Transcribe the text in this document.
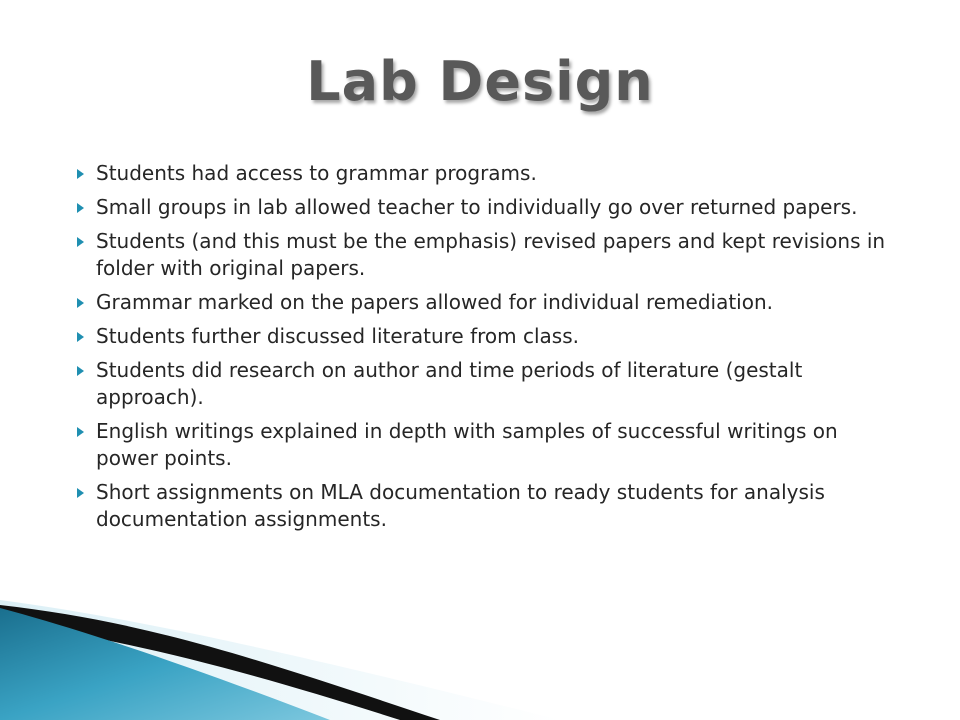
Lab Design
Students had access to grammar programs.
Small groups in lab allowed teacher to individually go over returned papers.
Students (and this must be the emphasis) revised papers and kept revisions in folder with original papers.
Grammar marked on the papers allowed for individual remediation.
Students further discussed literature from class.
Students did research on author and time periods of literature (gestalt approach).
English writings explained in depth with samples of successful writings on power points.
Short assignments on MLA documentation to ready students for analysis documentation assignments.
